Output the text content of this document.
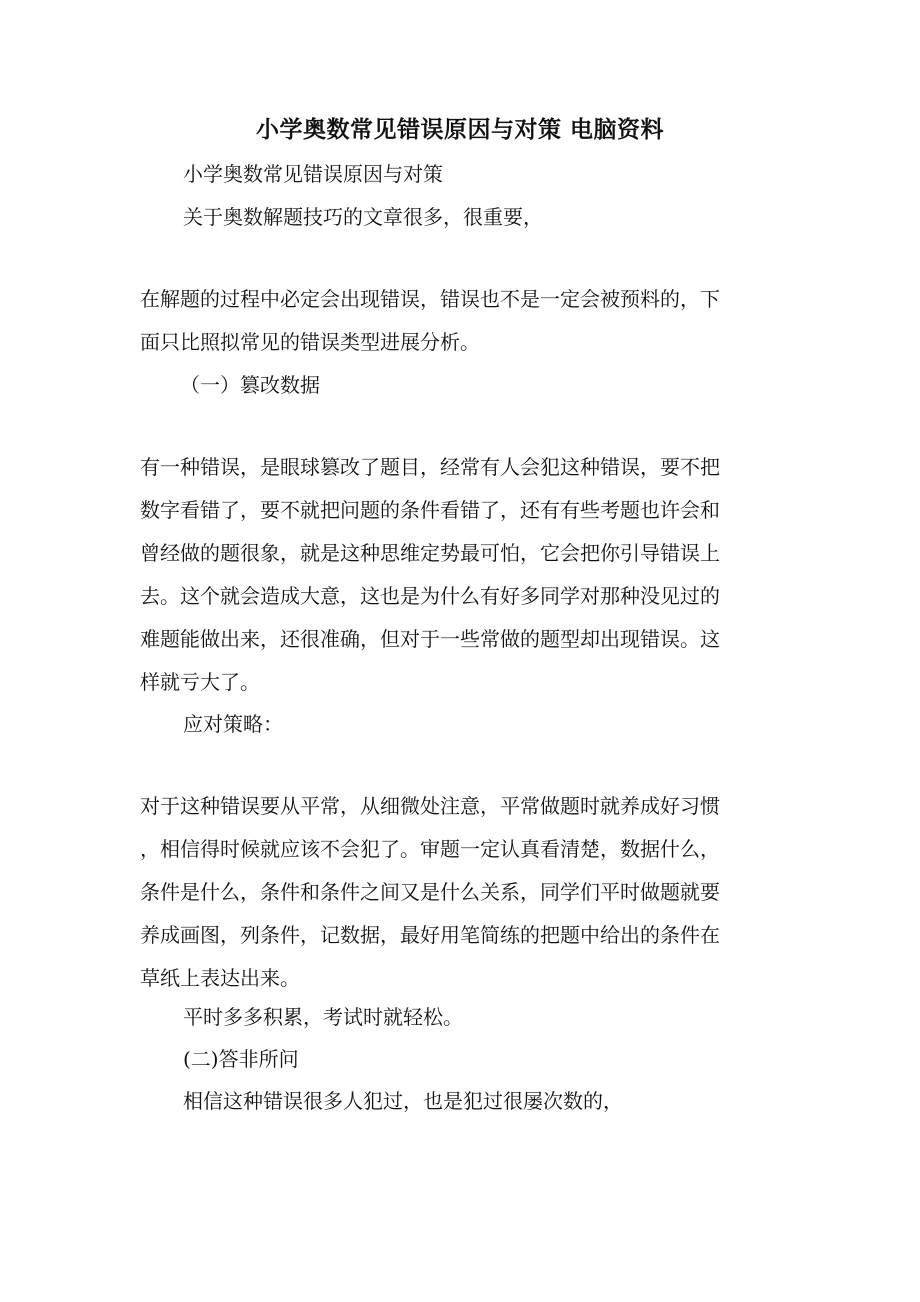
小学奥数常见错误原因与对策 电脑资料
小学奥数常见错误原因与对策
关于奥数解题技巧的文章很多，很重要，
在解题的过程中必定会出现错误，错误也不是一定会被预料的，下
面只比照拟常见的错误类型进展分析。
（一）篡改数据
有一种错误，是眼球篡改了题目，经常有人会犯这种错误，要不把
数字看错了，要不就把问题的条件看错了，还有有些考题也许会和
曾经做的题很象，就是这种思维定势最可怕，它会把你引导错误上
去。这个就会造成大意，这也是为什么有好多同学对那种没见过的
难题能做出来，还很准确，但对于一些常做的题型却出现错误。这
样就亏大了。
应对策略：
对于这种错误要从平常，从细微处注意，平常做题时就养成好习惯
，相信得时候就应该不会犯了。审题一定认真看清楚，数据什么，
条件是什么，条件和条件之间又是什么关系，同学们平时做题就要
养成画图，列条件，记数据，最好用笔简练的把题中给出的条件在
草纸上表达出来。
平时多多积累，考试时就轻松。
(二)答非所问
相信这种错误很多人犯过，也是犯过很屡次数的，
